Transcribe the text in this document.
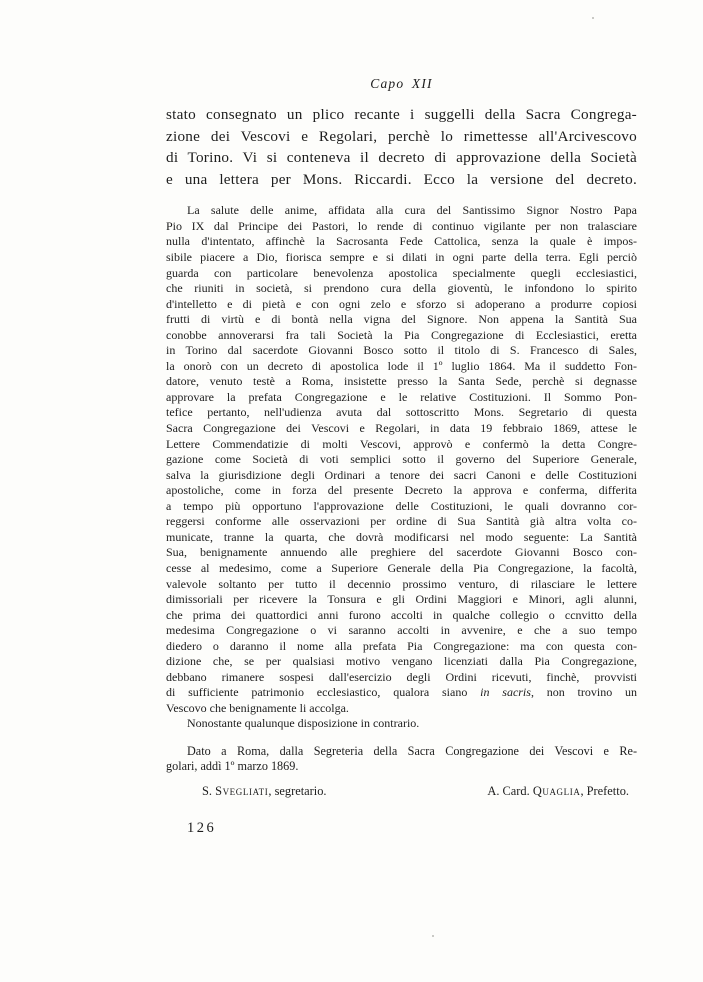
Capo XII
stato consegnato un plico recante i suggelli della Sacra Congrega-
zione dei Vescovi e Regolari, perchè lo rimettesse all'Arcivescovo
di Torino. Vi si conteneva il decreto di approvazione della Società
e una lettera per Mons. Riccardi. Ecco la versione del decreto.
La salute delle anime, affidata alla cura del Santissimo Signor Nostro Papa
Pio IX dal Principe dei Pastori, lo rende di continuo vigilante per non tralasciare
nulla d'intentato, affinchè la Sacrosanta Fede Cattolica, senza la quale è impos-
sibile piacere a Dio, fiorisca sempre e si dilati in ogni parte della terra. Egli perciò
guarda con particolare benevolenza apostolica specialmente quegli ecclesiastici,
che riuniti in società, si prendono cura della gioventù, le infondono lo spirito
d'intelletto e di pietà e con ogni zelo e sforzo si adoperano a produrre copiosi
frutti di virtù e di bontà nella vigna del Signore. Non appena la Santità Sua
conobbe annoverarsi fra tali Società la Pia Congregazione di Ecclesiastici, eretta
in Torino dal sacerdote Giovanni Bosco sotto il titolo di S. Francesco di Sales,
la onorò con un decreto di apostolica lode il 1º luglio 1864. Ma il suddetto Fon-
datore, venuto testè a Roma, insistette presso la Santa Sede, perchè si degnasse
approvare la prefata Congregazione e le relative Costituzioni. Il Sommo Pon-
tefice pertanto, nell'udienza avuta dal sottoscritto Mons. Segretario di questa
Sacra Congregazione dei Vescovi e Regolari, in data 19 febbraio 1869, attese le
Lettere Commendatizie di molti Vescovi, approvò e confermò la detta Congre-
gazione come Società di voti semplici sotto il governo del Superiore Generale,
salva la giurisdizione degli Ordinari a tenore dei sacri Canoni e delle Costituzioni
apostoliche, come in forza del presente Decreto la approva e conferma, differita
a tempo più opportuno l'approvazione delle Costituzioni, le quali dovranno cor-
reggersi conforme alle osservazioni per ordine di Sua Santità già altra volta co-
municate, tranne la quarta, che dovrà modificarsi nel modo seguente: La Santità
Sua, benignamente annuendo alle preghiere del sacerdote Giovanni Bosco con-
cesse al medesimo, come a Superiore Generale della Pia Congregazione, la facoltà,
valevole soltanto per tutto il decennio prossimo venturo, di rilasciare le lettere
dimissoriali per ricevere la Tonsura e gli Ordini Maggiori e Minori, agli alunni,
che prima dei quattordici anni furono accolti in qualche collegio o ccnvitto della
medesima Congregazione o vi saranno accolti in avvenire, e che a suo tempo
diedero o daranno il nome alla prefata Pia Congregazione: ma con questa con-
dizione che, se per qualsiasi motivo vengano licenziati dalla Pia Congregazione,
debbano rimanere sospesi dall'esercizio degli Ordini ricevuti, finchè, provvisti
di sufficiente patrimonio ecclesiastico, qualora siano in sacris, non trovino un
Vescovo che benignamente li accolga.
Nonostante qualunque disposizione in contrario.
Dato a Roma, dalla Segreteria della Sacra Congregazione dei Vescovi e Re-
golari, addì 1º marzo 1869.
S. Svegliati, segretario.	A. Card. Quaglia, Prefetto.
126
